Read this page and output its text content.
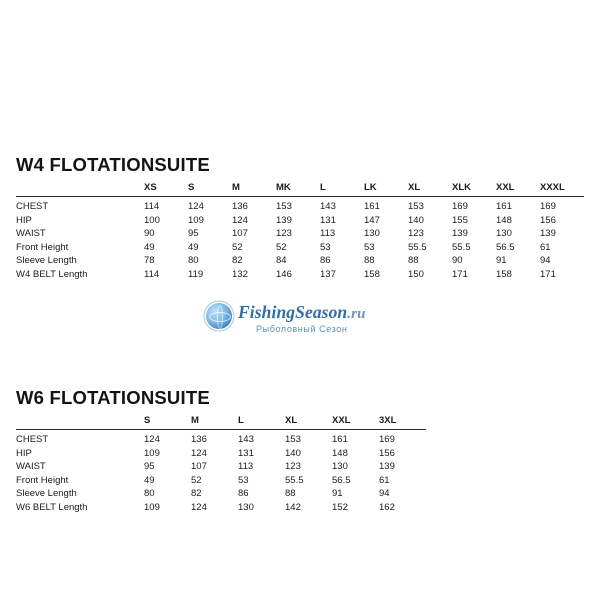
W4 FLOTATIONSUITE
	XS	S	M	MK	L	LK	XL	XLK	XXL	XXXL

CHEST	114	124	136	153	143	161	153	169	161	169
HIP	100	109	124	139	131	147	140	155	148	156
WAIST	90	95	107	123	113	130	123	139	130	139
Front Height	49	49	52	52	53	53	55.5	55.5	56.5	61
Sleeve Length	78	80	82	84	86	88	88	90	91	94
W4 BELT Length	114	119	132	146	137	158	150	171	158	171
FishingSeason.ru
Рыболовный Сезон
W6 FLOTATIONSUITE
	S	M	L	XL	XXL	3XL

CHEST	124	136	143	153	161	169
HIP	109	124	131	140	148	156
WAIST	95	107	113	123	130	139
Front Height	49	52	53	55.5	56.5	61
Sleeve Length	80	82	86	88	91	94
W6 BELT Length	109	124	130	142	152	162
